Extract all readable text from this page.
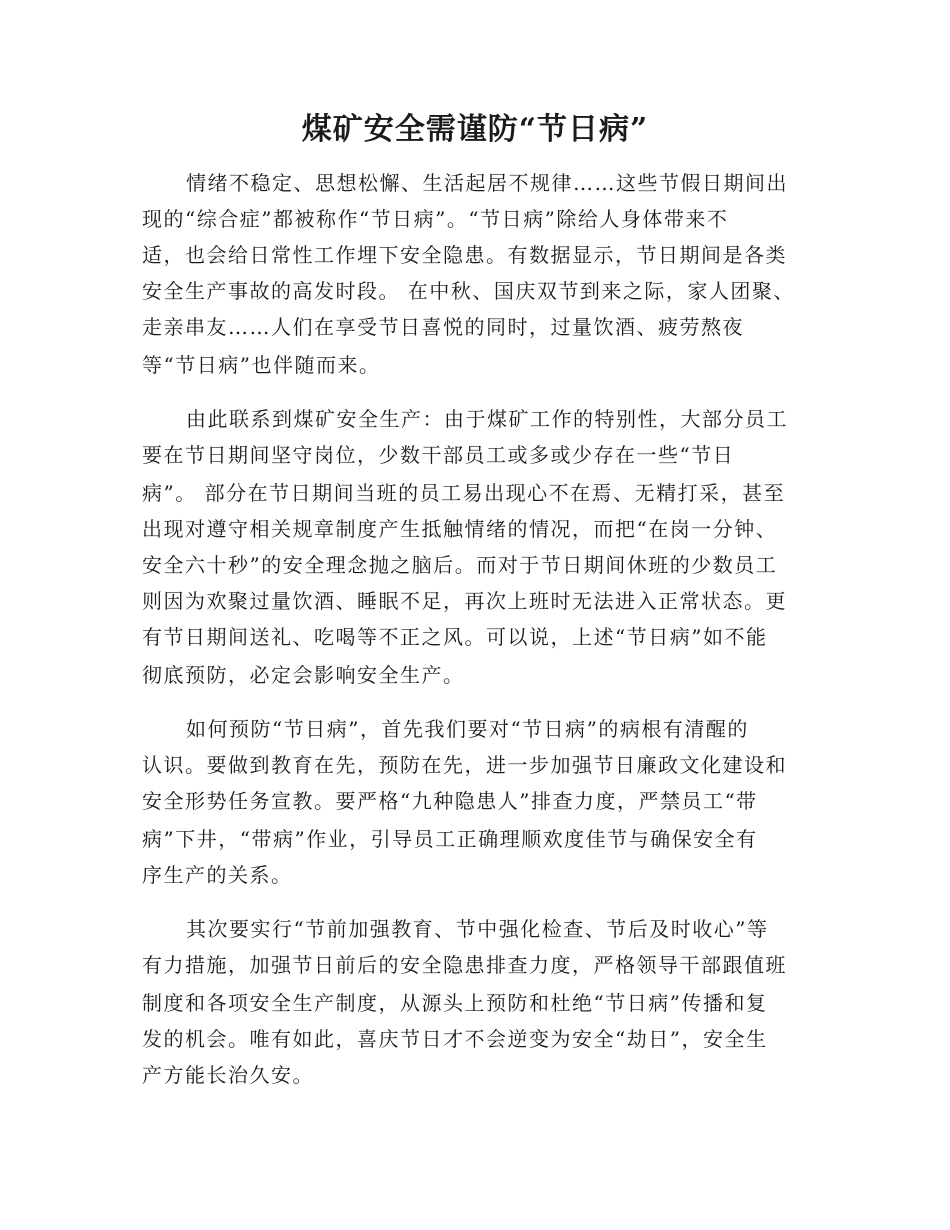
煤矿安全需谨防“节日病”
情绪不稳定、思想松懈、生活起居不规律……这些节假日期间出
现的“综合症”都被称作“节日病”。“节日病”除给人身体带来不
适，也会给日常性工作埋下安全隐患。有数据显示，节日期间是各类
安全生产事故的高发时段。 在中秋、国庆双节到来之际，家人团聚、
走亲串友……人们在享受节日喜悦的同时，过量饮酒、疲劳熬夜
等“节日病”也伴随而来。
由此联系到煤矿安全生产：由于煤矿工作的特别性，大部分员工
要在节日期间坚守岗位，少数干部员工或多或少存在一些“节日
病”。 部分在节日期间当班的员工易出现心不在焉、无精打采，甚至
出现对遵守相关规章制度产生抵触情绪的情况，而把“在岗一分钟、
安全六十秒”的安全理念抛之脑后。而对于节日期间休班的少数员工
则因为欢聚过量饮酒、睡眠不足，再次上班时无法进入正常状态。更
有节日期间送礼、吃喝等不正之风。可以说，上述“节日病”如不能
彻底预防，必定会影响安全生产。
如何预防“节日病”，首先我们要对“节日病”的病根有清醒的
认识。要做到教育在先，预防在先，进一步加强节日廉政文化建设和
安全形势任务宣教。要严格“九种隐患人”排查力度，严禁员工“带
病”下井，“带病”作业，引导员工正确理顺欢度佳节与确保安全有
序生产的关系。
其次要实行“节前加强教育、节中强化检查、节后及时收心”等
有力措施，加强节日前后的安全隐患排查力度，严格领导干部跟值班
制度和各项安全生产制度，从源头上预防和杜绝“节日病”传播和复
发的机会。唯有如此，喜庆节日才不会逆变为安全“劫日”，安全生
产方能长治久安。
